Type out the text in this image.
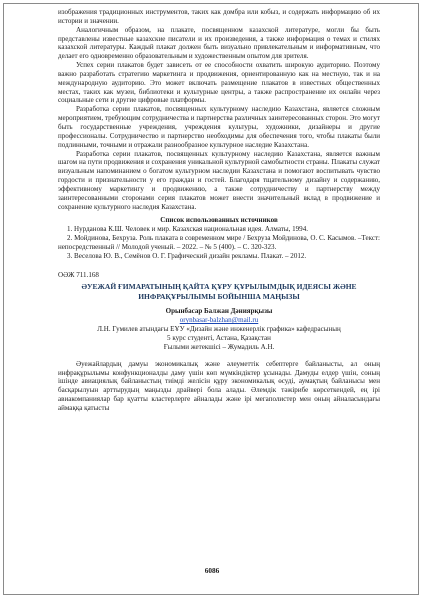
изображения традиционных инструментов, таких как домбра или кобыз, и содержать информацию об их истории и значении.

Аналогичным образом, на плакате, посвященном казахской литературе, могли бы быть представлены известные казахские писатели и их произведения, а также информация о темах и стилях казахской литературы. Каждый плакат должен быть визуально привлекательным и информативным, что делает его одновременно образовательным и художественным опытом для зрителя.

Успех серии плакатов будет зависеть от ее способности охватить широкую аудиторию. Поэтому важно разработать стратегию маркетинга и продвижения, ориентированную как на местную, так и на международную аудиторию. Это может включать размещение плакатов в известных общественных местах, таких как музеи, библиотеки и культурные центры, а также распространение их онлайн через социальные сети и другие цифровые платформы.

Разработка серии плакатов, посвященных культурному наследию Казахстана, является сложным мероприятием, требующим сотрудничества и партнерства различных заинтересованных сторон. Это могут быть государственные учреждения, учреждения культуры, художники, дизайнеры и другие профессионалы. Сотрудничество и партнерство необходимы для обеспечения того, чтобы плакаты были подлинными, точными и отражали разнообразное культурное наследие Казахстана.

Разработка серии плакатов, посвященных культурному наследию Казахстана, является важным шагом на пути продвижения и сохранения уникальной культурной самобытности страны. Плакаты служат визуальным напоминанием о богатом культурном наследии Казахстана и помогают воспитывать чувство гордости и признательности у его граждан и гостей. Благодаря тщательному дизайну и содержанию, эффективному маркетингу и продвижению, а также сотрудничеству и партнерству между заинтересованными сторонами серия плакатов может внести значительный вклад в продвижение и сохранение культурного наследия Казахстана.

Список использованных источников

1. Нурданова К.Ш. Человек и мир. Казахская национальная идея. Алматы, 1994.

2. Мойдинова, Бехруза. Роль плаката в современном мире / Бехруза Мойдинова, О. С. Касымов. –Текст: непосредственный // Молодой ученый. – 2022. – № 5 (400). – С. 320-323.

3. Веселова Ю. В., Семёнов О. Г. Графический дизайн рекламы. Плакат. – 2012.

ОӘЖ 711.168

ӘУЕЖАЙ ҒИМАРАТЫНЫҢ ҚАЙТА ҚҰРУ ҚҰРЫЛЫМДЫҚ ИДЕЯСЫ ЖӘНЕ ИНФРАҚҰРЫЛЫМЫ БОЙЫНША МАҢЫЗЫ

Орынбасар Балжан Дәниярқызы

orynbasar-balzhan@mail.ru

Л.Н. Гумилев атындағы ЕҰУ «Дизайн және инженерлік графика» кафедрасының

5 курс студенті, Астана, Қазақстан

Ғылыми жетекшісі – Жумадиль А.Н.

Әуежайлардың дамуы экономикалық және әлеуметтік себептерге байланысты, ал оның инфрақұрылымы конфункционалды даму үшін көп мүмкіндіктер ұсынады. Дамуды елдер үшін, соның ішінде авиациялық байланыстың тиімді желісін құру экономикалық өсуді, аумақтың байланысы мен басқарылуын арттырудың маңызды драйвері бола алады. Әлемдік тәжірибе көрсеткендей, ең ірі авиакомпаниялар бар қуатты кластерлерге айналады және ірі мегаполистер мен оның айналасындағы аймаққа қатысты

6086
